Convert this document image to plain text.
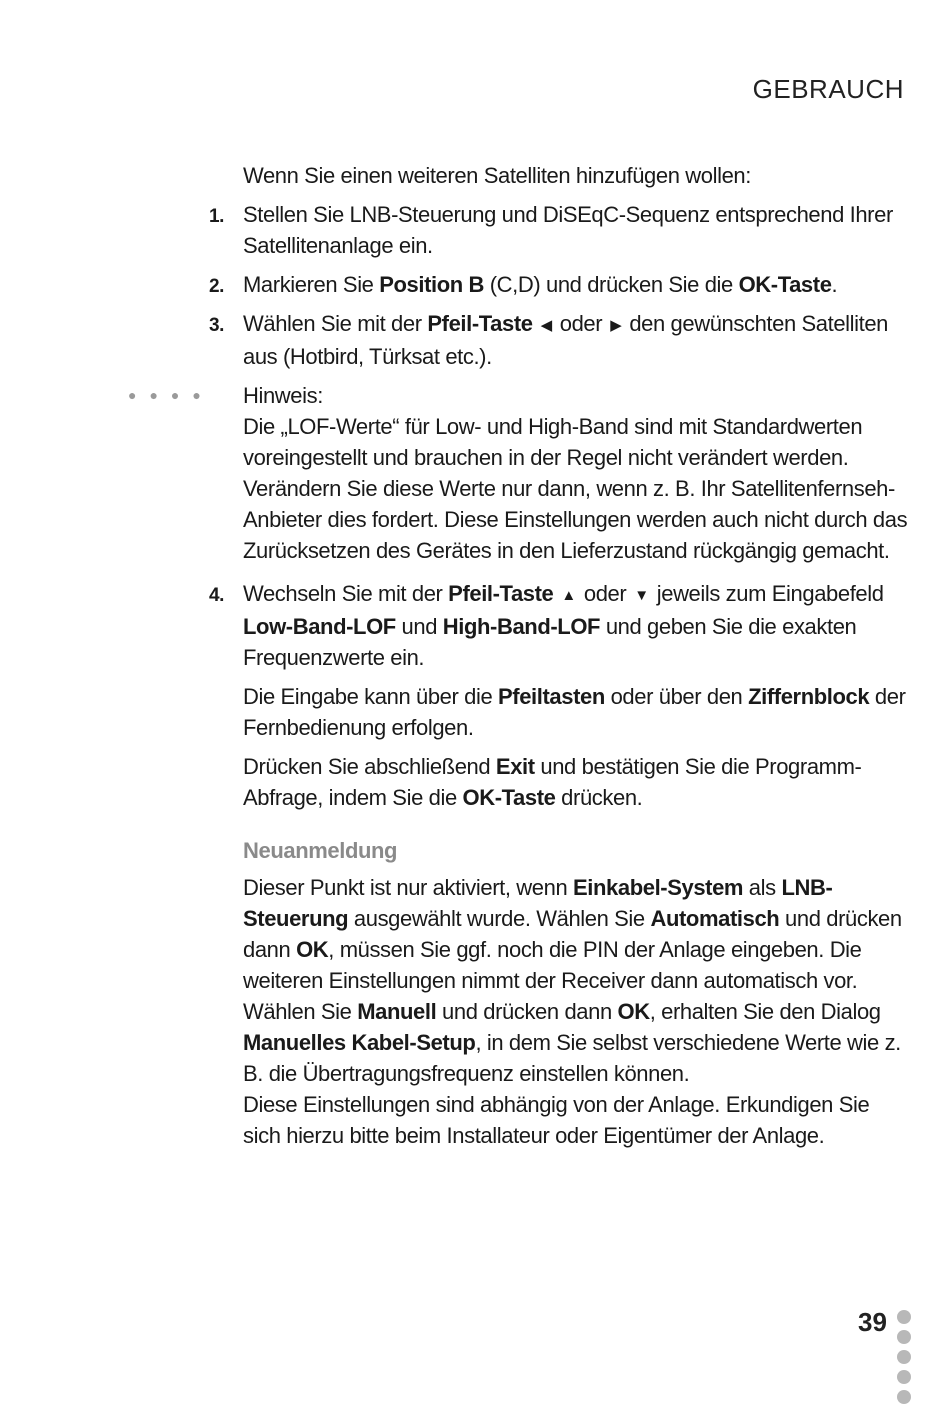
GEBRAUCH

Wenn Sie einen weiteren Satelliten hinzufügen wollen:

1. Stellen Sie LNB-Steuerung und DiSEqC-Sequenz entsprechend Ihrer Satellitenanlage ein.

2. Markieren Sie Position B (C,D) und drücken Sie die OK-Taste.

3. Wählen Sie mit der Pfeil-Taste ◀ oder ▶ den gewünschten Satelliten aus (Hotbird, Türksat etc.).

●●●● Hinweis:
Die „LOF-Werte“ für Low- und High-Band sind mit Standardwerten voreingestellt und brauchen in der Regel nicht verändert werden. Verändern Sie diese Werte nur dann, wenn z. B. Ihr Satellitenfernseh-Anbieter dies fordert. Diese Einstellungen werden auch nicht durch das Zurücksetzen des Gerätes in den Lieferzustand rückgängig gemacht.

4. Wechseln Sie mit der Pfeil-Taste ▲ oder ▼ jeweils zum Eingabefeld Low-Band-LOF und High-Band-LOF und geben Sie die exakten Frequenzwerte ein.

Die Eingabe kann über die Pfeiltasten oder über den Ziffernblock der Fernbedienung erfolgen.

Drücken Sie abschließend Exit und bestätigen Sie die Programm-Abfrage, indem Sie die OK-Taste drücken.

Neuanmeldung

Dieser Punkt ist nur aktiviert, wenn Einkabel-System als LNB-Steuerung ausgewählt wurde. Wählen Sie Automatisch und drücken dann OK, müssen Sie ggf. noch die PIN der Anlage eingeben. Die weiteren Einstellungen nimmt der Receiver dann automatisch vor.
Wählen Sie Manuell und drücken dann OK, erhalten Sie den Dialog Manuelles Kabel-Setup, in dem Sie selbst verschiedene Werte wie z. B. die Übertragungsfrequenz einstellen können.
Diese Einstellungen sind abhängig von der Anlage. Erkundigen Sie sich hierzu bitte beim Installateur oder Eigentümer der Anlage.

39
